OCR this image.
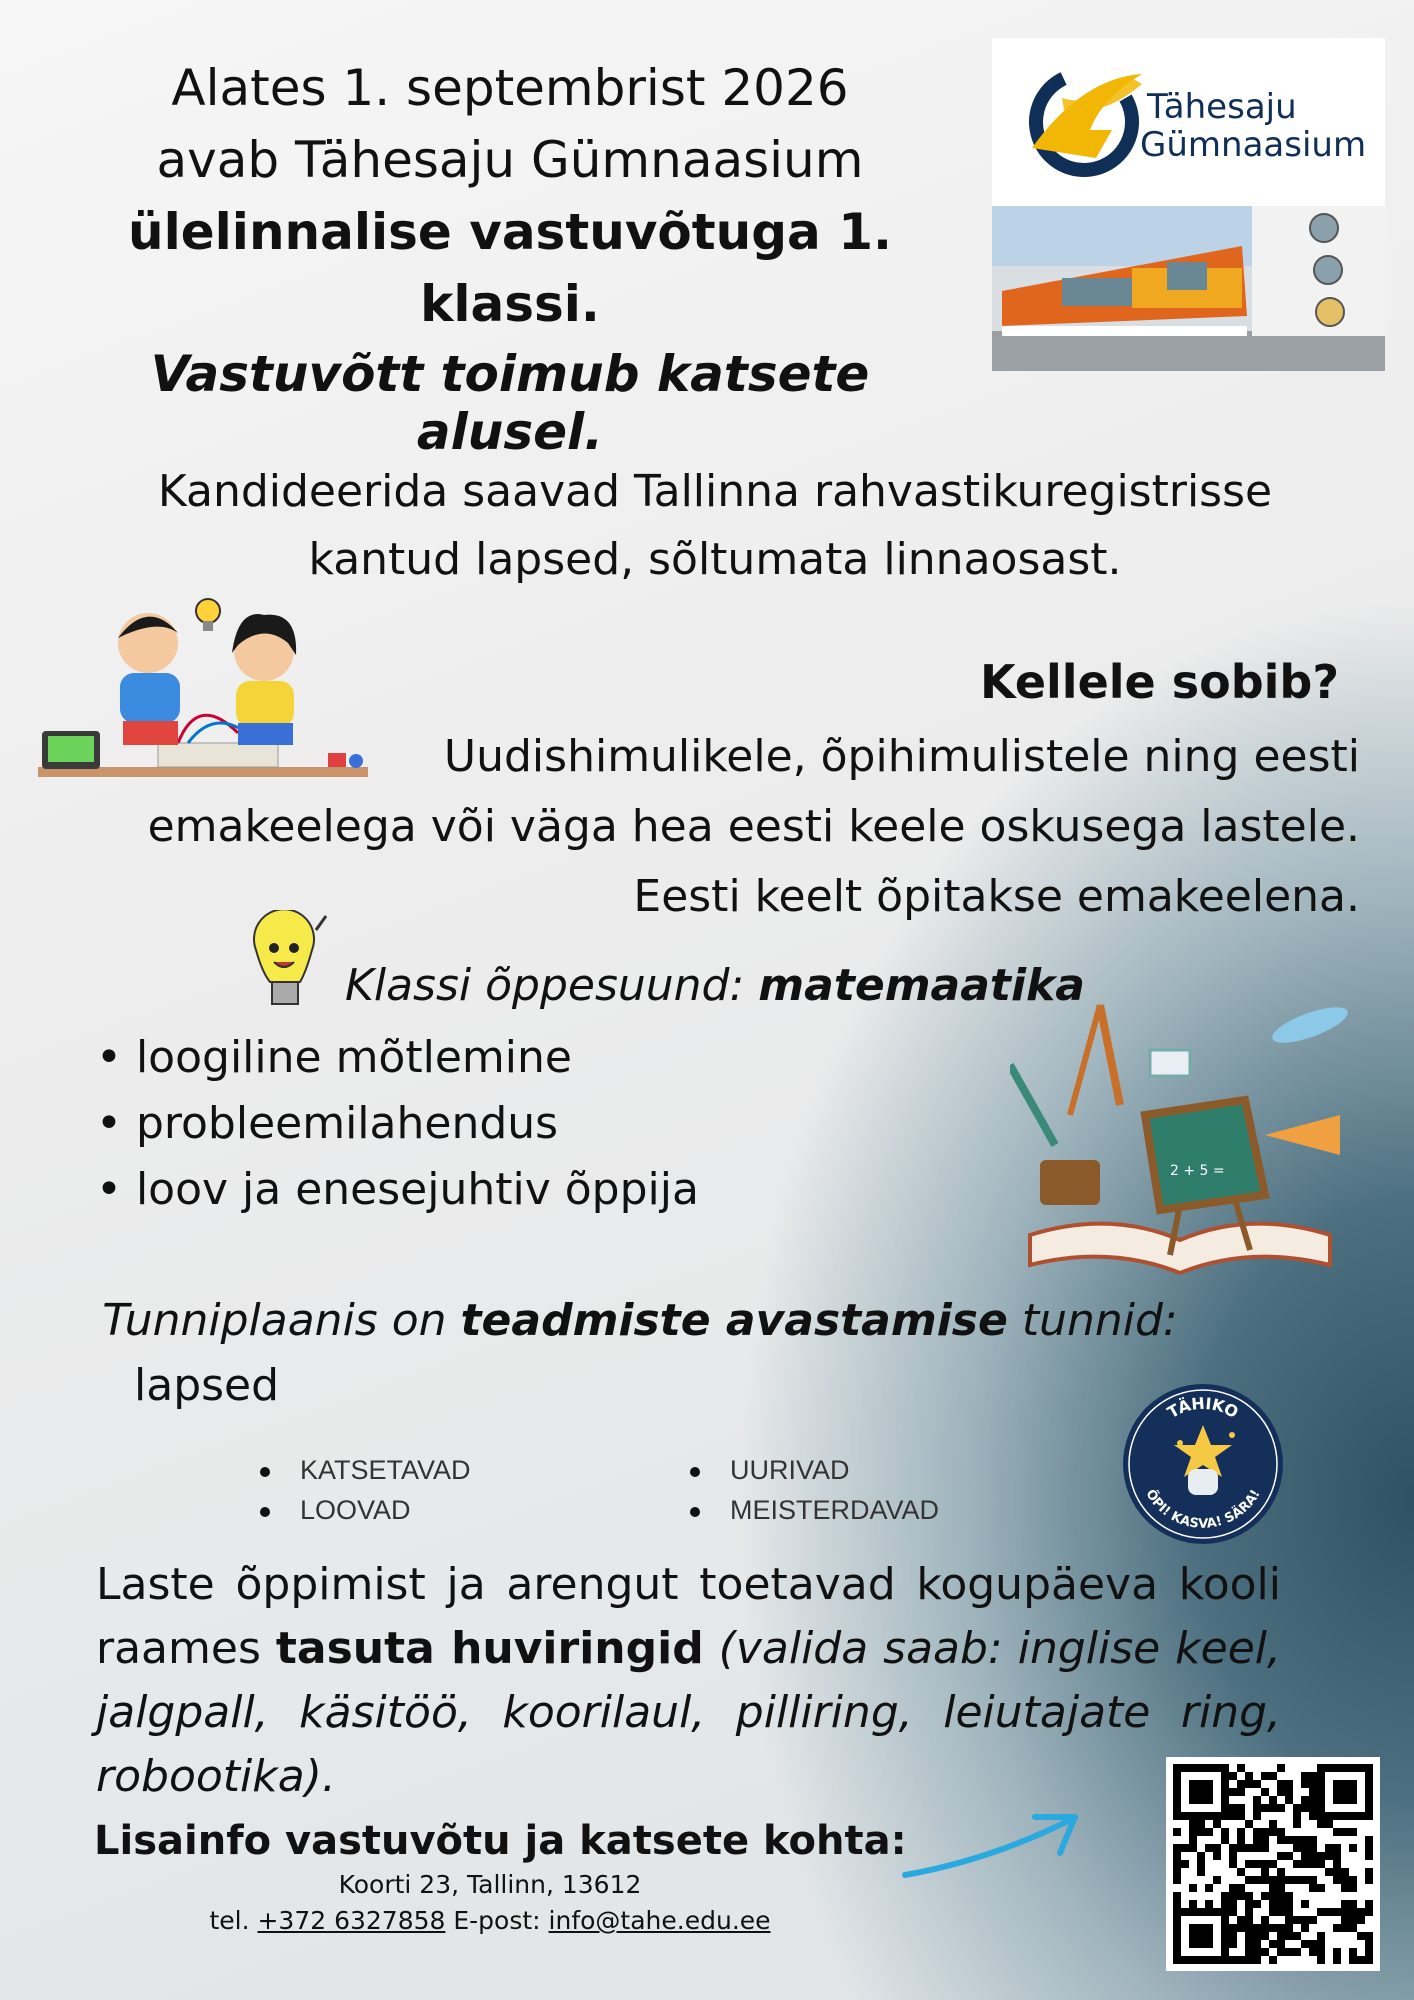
Alates 1. septembrist 2026
avab Tähesaju Gümnaasium
ülelinnalise vastuvõtuga 1. klassi.
Vastuvõtt toimub katsete alusel.
Tähesaju
Gümnaasium
Kandideerida saavad Tallinna rahvastikuregistrisse
kantud lapsed, sõltumata linnaosast.
Kellele sobib?
Uudishimulikele, õpihimulistele ning eesti
emakeelega või väga hea eesti keele oskusega lastele.
Eesti keelt õpitakse emakeelena.
Klassi õppesuund: matemaatika
• loogiline mõtlemine
• probleemilahendus
• loov ja enesejuhtiv õppija	2 + 5 =
Tunniplaanis on teadmiste avastamise tunnid:
lapsed
KATSETAVAD
LOOVAD
UURIVAD
MEISTERDAVAD
TÄHIKO
ÕPI! KASVA! SÄRA!
Laste õppimist ja arengut toetavad kogupäeva kooli raames tasuta huviringid (valida saab: inglise keel, jalgpall, käsitöö, koorilaul, pilliring, leiutajate ring, robootika).
Lisainfo vastuvõtu ja katsete kohta:
Koorti 23, Tallinn, 13612
tel. +372 6327858 E-post: info@tahe.edu.ee
